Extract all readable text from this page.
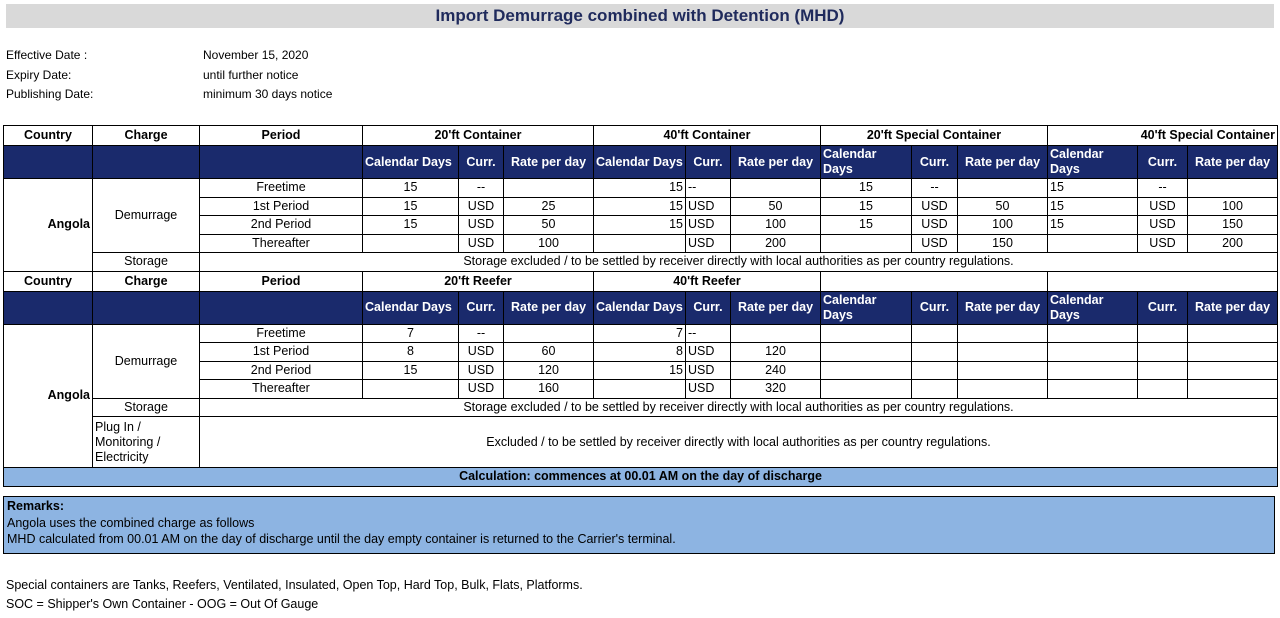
Import Demurrage combined with Detention (MHD)
Effective Date :	November 15, 2020
Expiry Date:	until further notice
Publishing Date:	minimum 30 days notice
Country	Charge	Period	20'ft Container			40'ft Container			20'ft Special Container			40'ft Special Container		
			Calendar Days	Curr.	Rate per day	Calendar Days	Curr.	Rate per day	Calendar Days	Curr.	Rate per day	Calendar Days	Curr.	Rate per day
Angola	Demurrage	Freetime	15	--		15	--		15	--		15	--	
		1st Period	15	USD	25	15	USD	50	15	USD	50	15	USD	100
		2nd Period	15	USD	50	15	USD	100	15	USD	100	15	USD	150
		Thereafter		USD	100		USD	200		USD	150		USD	200
	Storage	Storage excluded / to be settled by receiver directly with local authorities as per country regulations.												
Country	Charge	Period	20'ft Reefer			40'ft Reefer								
			Calendar Days	Curr.	Rate per day	Calendar Days	Curr.	Rate per day	Calendar Days	Curr.	Rate per day	Calendar Days	Curr.	Rate per day
Angola	Demurrage	Freetime	7	--		7	--							
		1st Period	8	USD	60	8	USD	120						
		2nd Period	15	USD	120	15	USD	240						
		Thereafter		USD	160		USD	320						
	Storage	Storage excluded / to be settled by receiver directly with local authorities as per country regulations.												
	Plug In / Monitoring / Electricity	Excluded / to be settled by receiver directly with local authorities as per country regulations.												
Calculation: commences at 00.01 AM on the day of discharge														
Remarks:
Angola uses the combined charge as follows
MHD calculated from 00.01 AM on the day of discharge until the day empty container is returned to the Carrier's terminal.
Special containers are Tanks, Reefers, Ventilated, Insulated, Open Top, Hard Top, Bulk, Flats, Platforms.
SOC = Shipper's Own Container - OOG = Out Of Gauge
